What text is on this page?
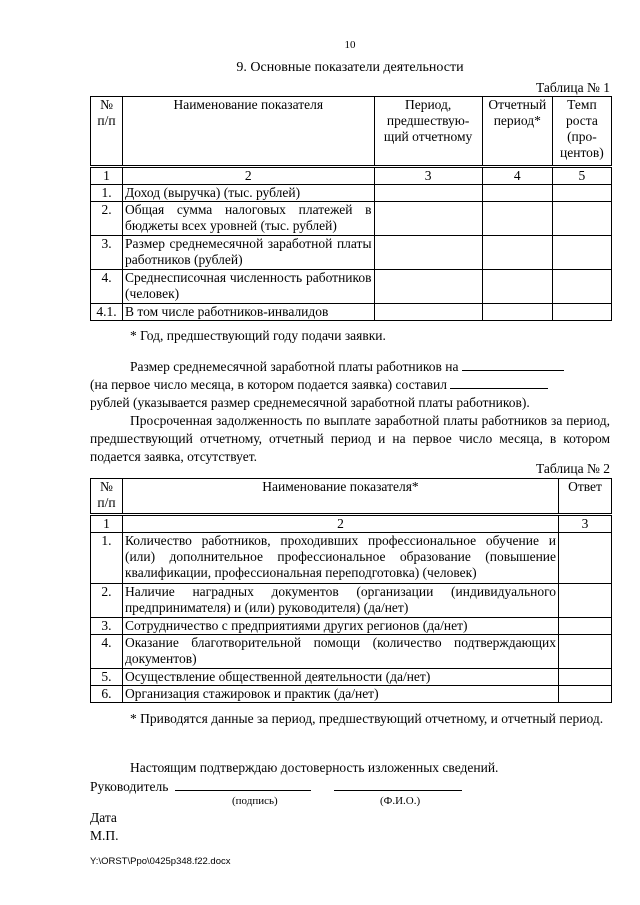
10
9. Основные показатели деятельности
Таблица № 1
№ п/п	Наименование показателя	Период, предшествую-щий отчетному	Отчетный период*	Темп роста (про-центов)
1	2	3	4	5
1.	Доход (выручка) (тыс. рублей)			
2.	Общая сумма налоговых платежей в бюджеты всех уровней (тыс. рублей)			
3.	Размер среднемесячной заработной платы работников (рублей)			
4.	Среднесписочная численность работников (человек)			
4.1.	В том числе работников-инвалидов			
* Год, предшествующий году подачи заявки.
Размер среднемесячной заработной платы работников на
(на первое число месяца, в котором подается заявка) составил
рублей (указывается размер среднемесячной заработной платы работников).
Просроченная задолженность по выплате заработной платы работников за период, предшествующий отчетному, отчетный период и на первое число месяца, в котором подается заявка, отсутствует.
Таблица № 2
№ п/п	Наименование показателя*	Ответ
1	2	3
1.	Количество работников, проходивших профессиональное обучение и (или) дополнительное профессиональное образование (повышение квалификации, профессиональная переподготовка) (человек)	
2.	Наличие наградных документов (организации (индивидуального предпринимателя) и (или) руководителя) (да/нет)	
3.	Сотрудничество с предприятиями других регионов (да/нет)	
4.	Оказание благотворительной помощи (количество подтверждающих документов)	
5.	Осуществление общественной деятельности (да/нет)	
6.	Организация стажировок и практик (да/нет)	
* Приводятся данные за период, предшествующий отчетному, и отчетный период.
Настоящим подтверждаю достоверность изложенных сведений.
Руководитель
(подпись)	(Ф.И.О.)
Дата
М.П.
Y:\ORST\Ppo\0425p348.f22.docx
